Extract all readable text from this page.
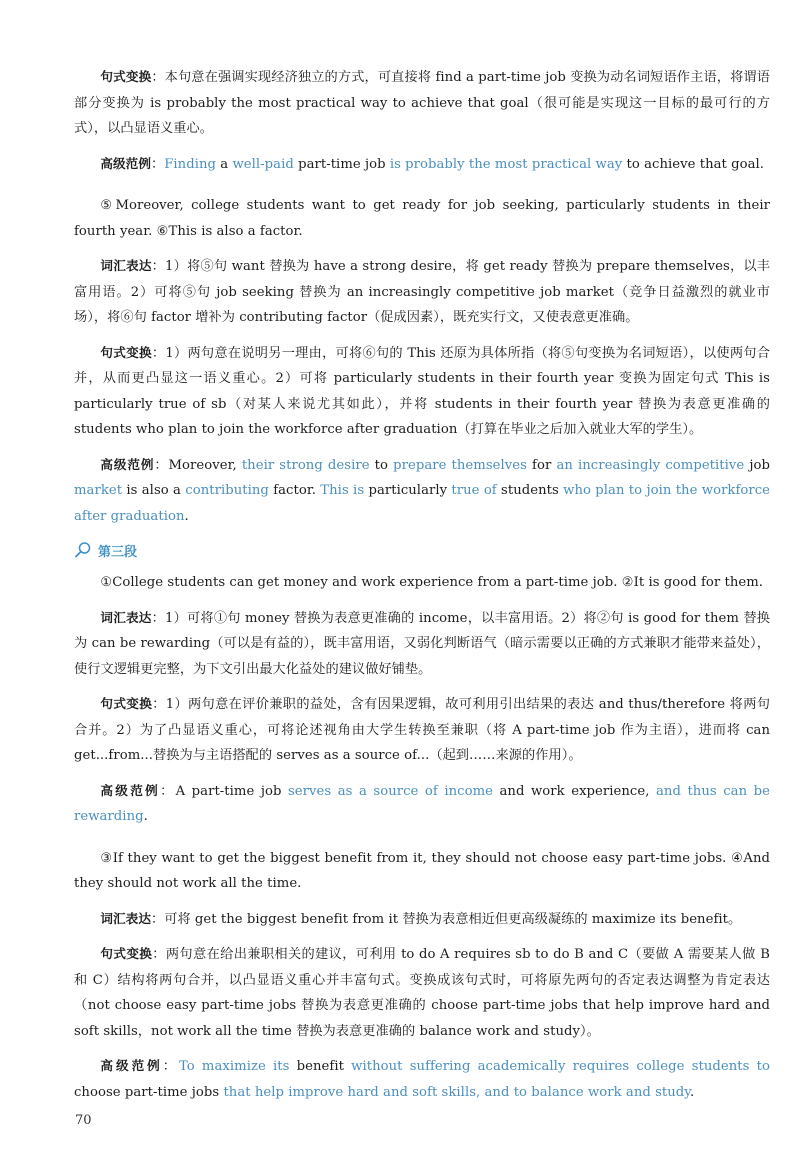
句式变换：本句意在强调实现经济独立的方式，可直接将 find a part-time job 变换为动名词短语作主语，将谓语部分变换为 is probably the most practical way to achieve that goal（很可能是实现这一目标的最可行的方式），以凸显语义重心。

高级范例：Finding a well-paid part-time job is probably the most practical way to achieve that goal.

⑤Moreover, college students want to get ready for job seeking, particularly students in their fourth year. ⑥This is also a factor.

词汇表达：1）将⑤句 want 替换为 have a strong desire，将 get ready 替换为 prepare themselves，以丰富用语。2）可将⑤句 job seeking 替换为 an increasingly competitive job market（竞争日益激烈的就业市场），将⑥句 factor 增补为 contributing factor（促成因素），既充实行文，又使表意更准确。

句式变换：1）两句意在说明另一理由，可将⑥句的 This 还原为具体所指（将⑤句变换为名词短语），以使两句合并，从而更凸显这一语义重心。2）可将 particularly students in their fourth year 变换为固定句式 This is particularly true of sb（对某人来说尤其如此），并将 students in their fourth year 替换为表意更准确的 students who plan to join the workforce after graduation（打算在毕业之后加入就业大军的学生）。

高级范例：Moreover, their strong desire to prepare themselves for an increasingly competitive job market is also a contributing factor. This is particularly true of students who plan to join the workforce after graduation.

第三段

①College students can get money and work experience from a part-time job. ②It is good for them.

词汇表达：1）可将①句 money 替换为表意更准确的 income，以丰富用语。2）将②句 is good for them 替换为 can be rewarding（可以是有益的），既丰富用语，又弱化判断语气（暗示需要以正确的方式兼职才能带来益处），使行文逻辑更完整，为下文引出最大化益处的建议做好铺垫。

句式变换：1）两句意在评价兼职的益处，含有因果逻辑，故可利用引出结果的表达 and thus/therefore 将两句合并。2）为了凸显语义重心，可将论述视角由大学生转换至兼职（将 A part-time job 作为主语），进而将 can get...from...替换为与主语搭配的 serves as a source of...（起到……来源的作用）。

高级范例：A part-time job serves as a source of income and work experience, and thus can be rewarding.

③If they want to get the biggest benefit from it, they should not choose easy part-time jobs. ④And they should not work all the time.

词汇表达：可将 get the biggest benefit from it 替换为表意相近但更高级凝练的 maximize its benefit。

句式变换：两句意在给出兼职相关的建议，可利用 to do A requires sb to do B and C（要做 A 需要某人做 B 和 C）结构将两句合并，以凸显语义重心并丰富句式。变换成该句式时，可将原先两句的否定表达调整为肯定表达（not choose easy part-time jobs 替换为表意更准确的 choose part-time jobs that help improve hard and soft skills，not work all the time 替换为表意更准确的 balance work and study）。

高级范例：To maximize its benefit without suffering academically requires college students to choose part-time jobs that help improve hard and soft skills, and to balance work and study.

70
